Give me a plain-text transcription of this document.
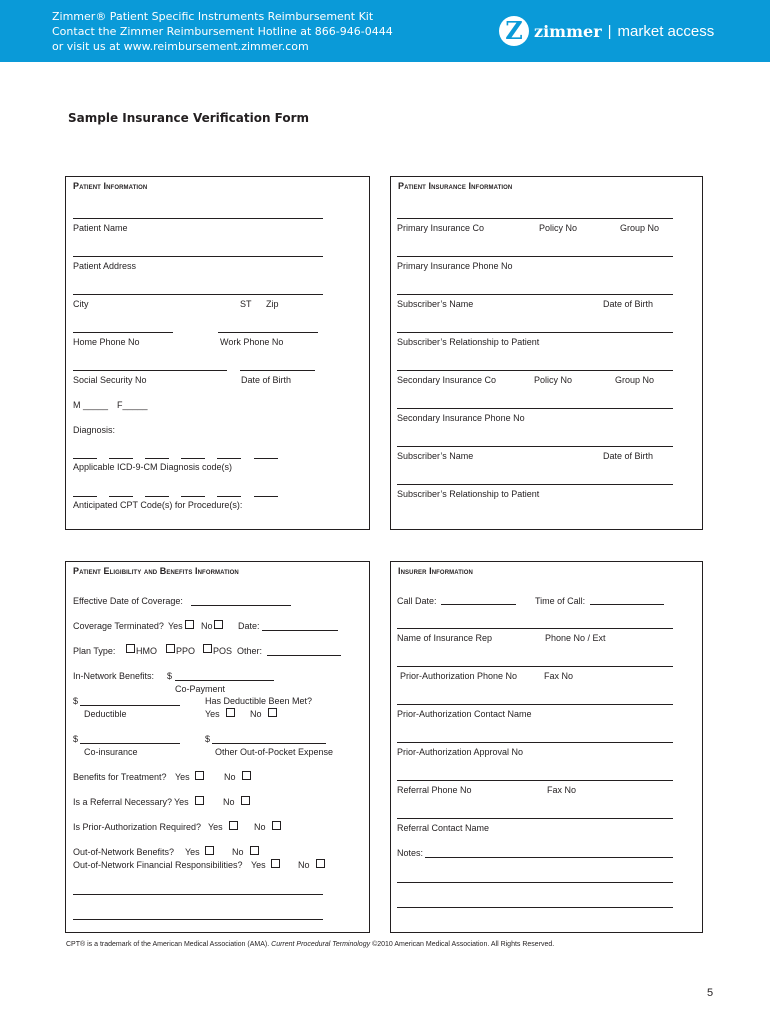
Zimmer® Patient Specific Instruments Reimbursement Kit
Contact the Zimmer Reimbursement Hotline at 866-946-0444
or visit us at www.reimbursement.zimmer.com
Z zimmer | market access
Sample Insurance Verification Form
Patient Information
Patient Name
Patient Address
City	ST Zip
Home Phone No	Work Phone No
Social Security No	Date of Birth
M _____ F_____
Diagnosis:
Applicable ICD-9-CM Diagnosis code(s)
Anticipated CPT Code(s) for Procedure(s):
Patient Insurance Information
Primary Insurance Co	Policy No	Group No
Primary Insurance Phone No
Subscriber’s Name	Date of Birth
Subscriber’s Relationship to Patient
Secondary Insurance Co	Policy No	Group No
Secondary Insurance Phone No
Subscriber’s Name	Date of Birth
Subscriber’s Relationship to Patient
Patient Eligibility and Benefits Information
Effective Date of Coverage:
Coverage Terminated? Yes No	Date:
Plan Type: HMO PPO POS Other:
In-Network Benefits: $
Co-Payment
$	Has Deductible Been Met?
Deductible	Yes	No
$	$
Co-insurance	Other Out-of-Pocket Expense
Benefits for Treatment? Yes	No
Is a Referral Necessary? Yes	No
Is Prior-Authorization Required? Yes	No
Out-of-Network Benefits? Yes	No
Out-of-Network Financial Responsibilities? Yes	No
Insurer Information
Call Date:	Time of Call:
Name of Insurance Rep	Phone No / Ext
Prior-Authorization Phone No	Fax No
Prior-Authorization Contact Name
Prior-Authorization Approval No
Referral Phone No	Fax No
Referral Contact Name
Notes:
CPT® is a trademark of the American Medical Association (AMA). Current Procedural Terminology ©2010 American Medical Association. All Rights Reserved.
5
